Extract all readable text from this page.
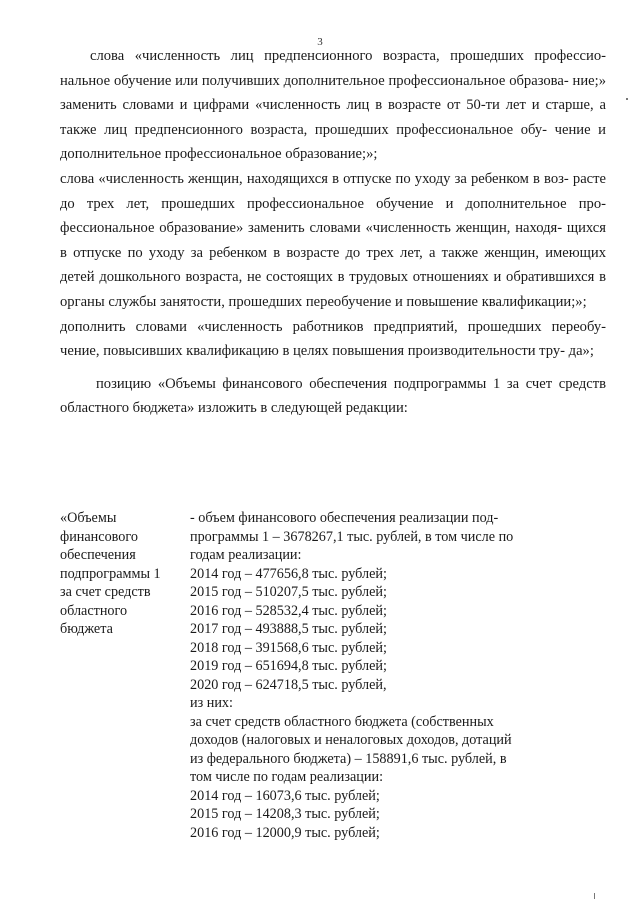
3

слова «численность лиц предпенсионного возраста, прошедших профессио- нальное обучение или получивших дополнительное профессиональное образова- ние;» заменить словами и цифрами «численность лиц в возрасте от 50-ти лет и старше, а также лиц предпенсионного возраста, прошедших профессиональное обу- чение и дополнительное профессиональное образование;»;

слова «численность женщин, находящихся в отпуске по уходу за ребенком в воз- расте до трех лет, прошедших профессиональное обучение и дополнительное про- фессиональное образование» заменить словами «численность женщин, находя- щихся в отпуске по уходу за ребенком в возрасте до трех лет, а также женщин, имеющих детей дошкольного возраста, не состоящих в трудовых отношениях и обратившихся в органы службы занятости, прошедших переобучение и повышение квалификации;»;

дополнить словами «численность работников предприятий, прошедших переобу- чение, повысивших квалификацию в целях повышения производительности тру- да»;

позицию «Объемы финансового обеспечения подпрограммы 1 за счет средств областного бюджета» изложить в следующей редакции:

«Объемы
финансового
обеспечения
подпрограммы 1
за счет средств
областного
бюджета
- объем финансового обеспечения реализации под-
программы 1 – 3678267,1 тыс. рублей, в том числе по
годам реализации:
2014 год – 477656,8 тыс. рублей;
2015 год – 510207,5 тыс. рублей;
2016 год – 528532,4 тыс. рублей;
2017 год – 493888,5 тыс. рублей;
2018 год – 391568,6 тыс. рублей;
2019 год – 651694,8 тыс. рублей;
2020 год – 624718,5 тыс. рублей,
из них:
за счет средств областного бюджета (собственных
доходов (налоговых и неналоговых доходов, дотаций
из федерального бюджета) – 158891,6 тыс. рублей, в
том числе по годам реализации:
2014 год – 16073,6 тыс. рублей;
2015 год – 14208,3 тыс. рублей;
2016 год – 12000,9 тыс. рублей;
